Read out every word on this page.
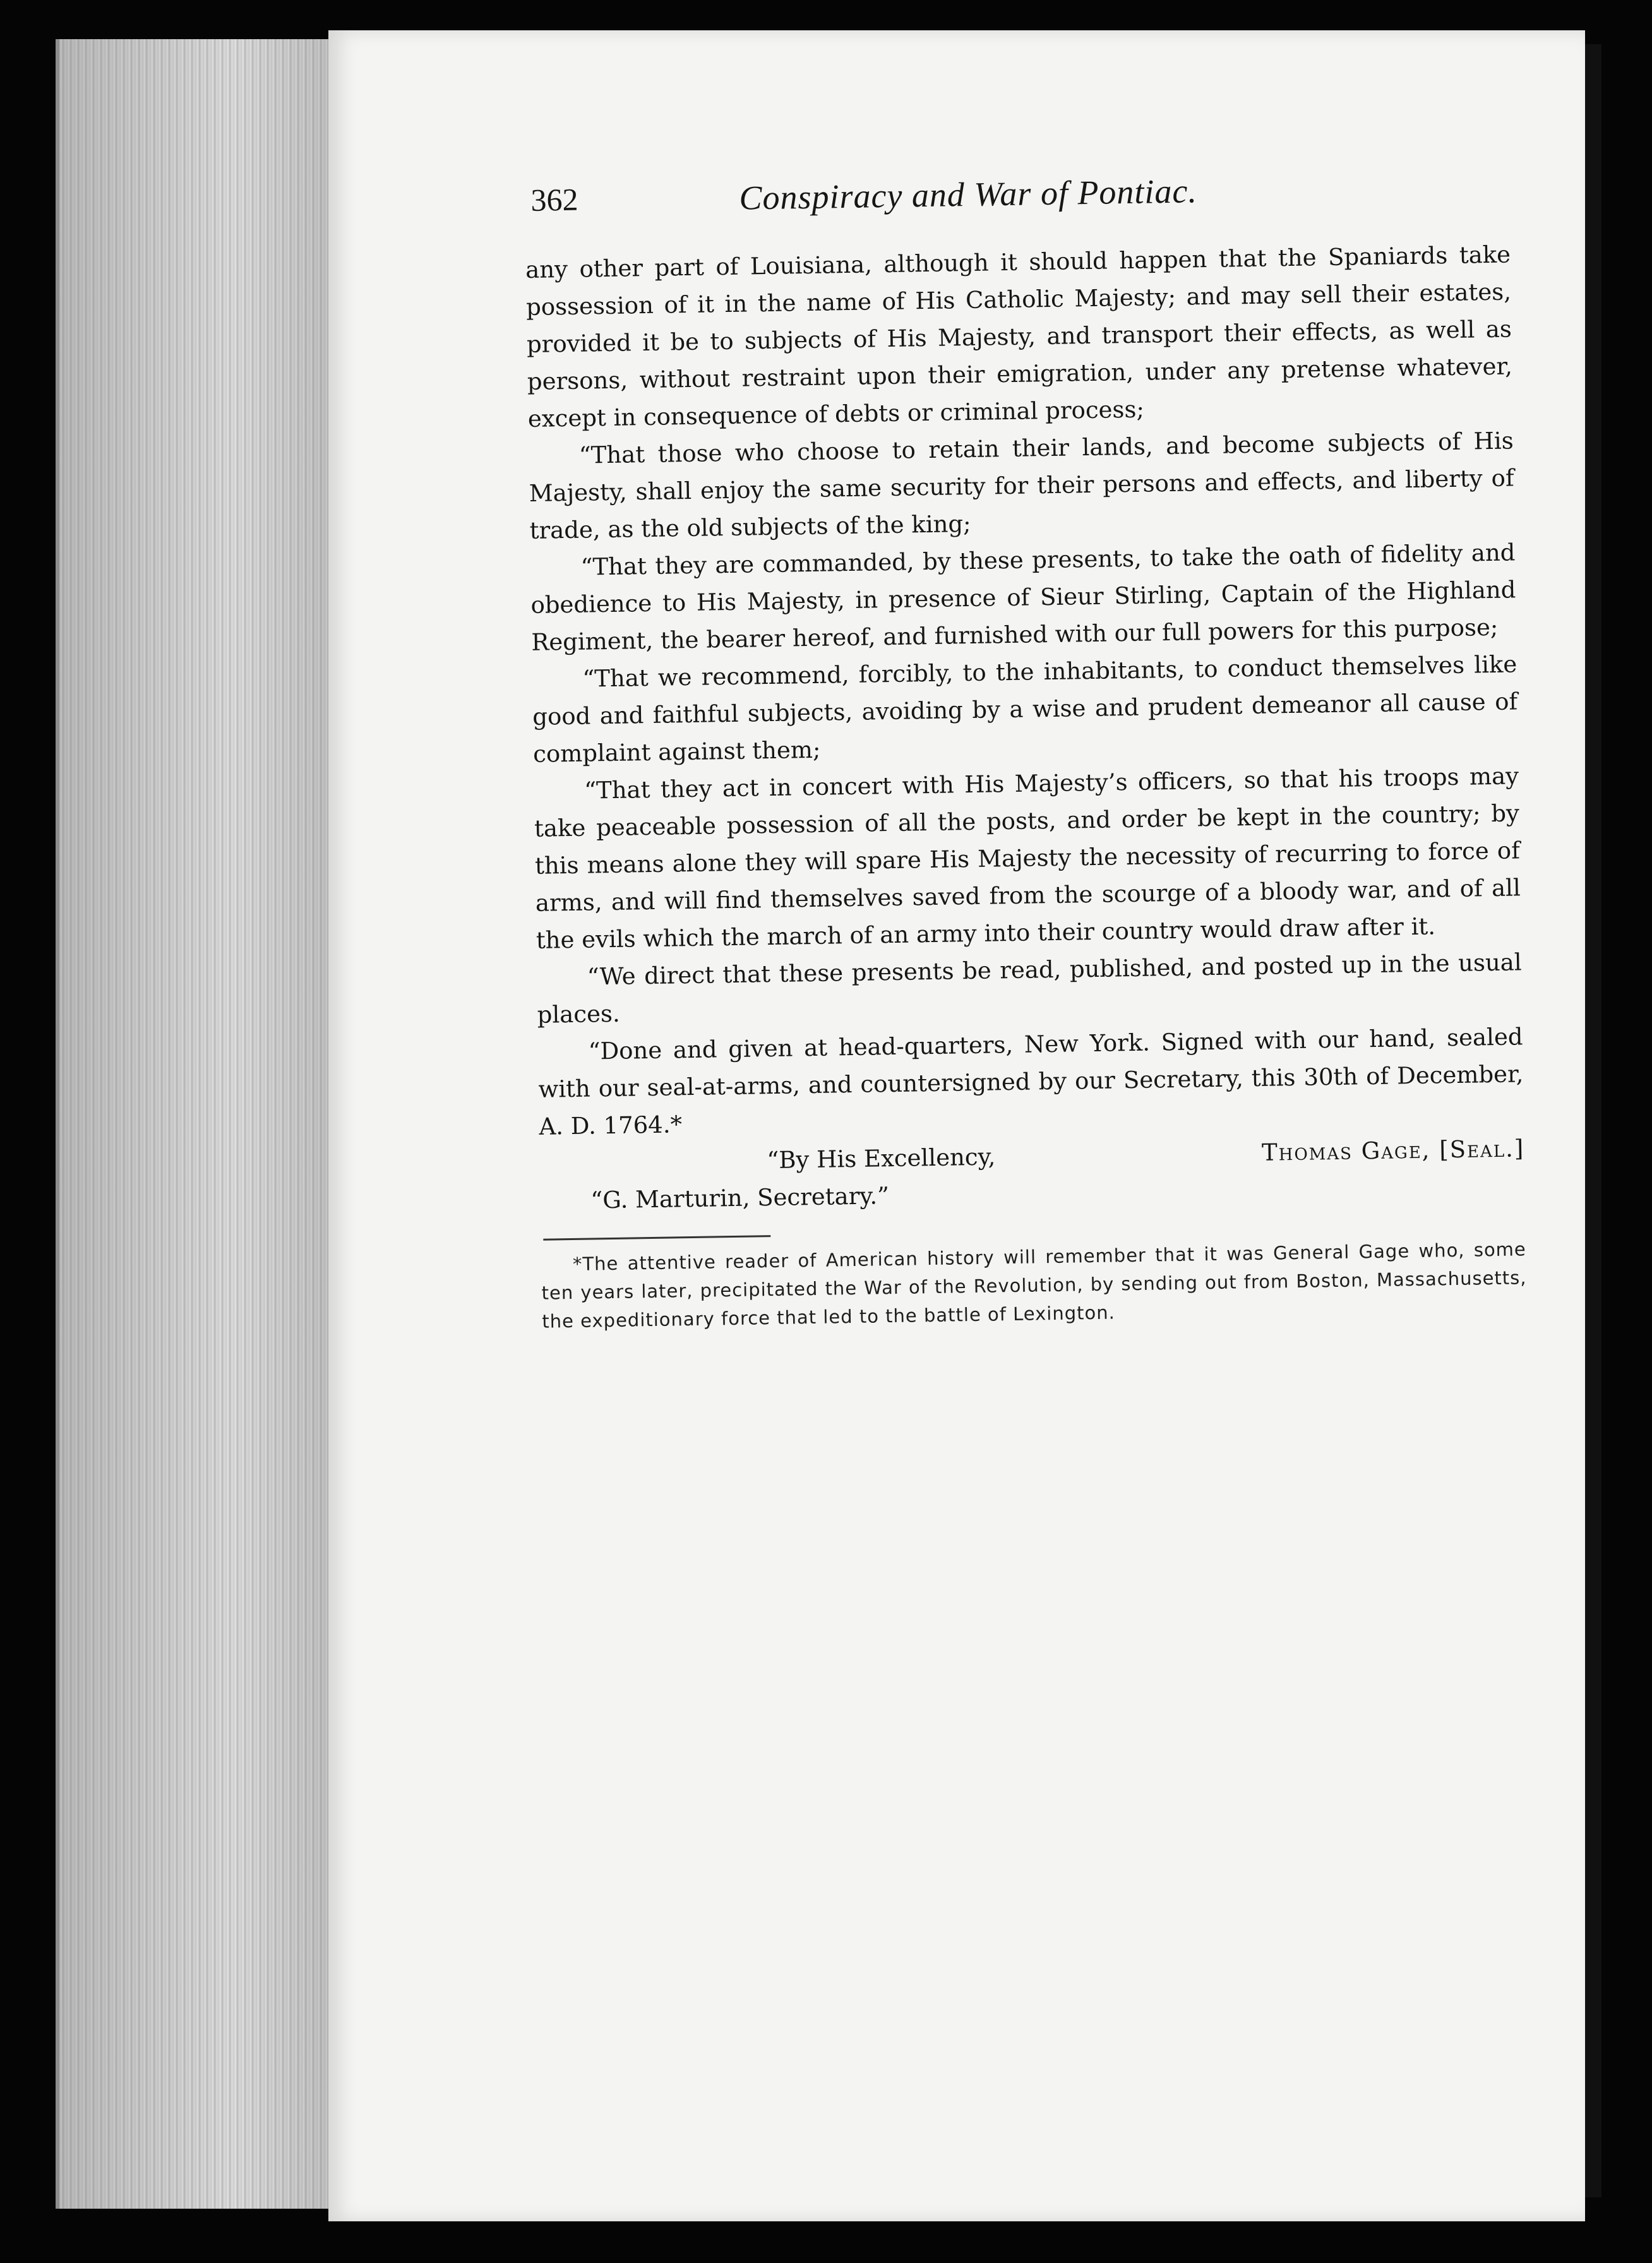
362	Conspiracy and War of Pontiac.

any other part of Louisiana, although it should happen that the Spaniards take possession of it in the name of His Catholic Majesty; and may sell their estates, provided it be to subjects of His Majesty, and transport their effects, as well as persons, without restraint upon their emigration, under any pretense whatever, except in consequence of debts or criminal process;

“That those who choose to retain their lands, and become subjects of His Majesty, shall enjoy the same security for their persons and effects, and liberty of trade, as the old subjects of the king;

“That they are commanded, by these presents, to take the oath of fidelity and obedience to His Majesty, in presence of Sieur Stirling, Captain of the Highland Regiment, the bearer hereof, and furnished with our full powers for this purpose;

“That we recommend, forcibly, to the inhabitants, to conduct themselves like good and faithful subjects, avoiding by a wise and prudent demeanor all cause of complaint against them;

“That they act in concert with His Majesty’s officers, so that his troops may take peaceable possession of all the posts, and order be kept in the country; by this means alone they will spare His Majesty the necessity of recurring to force of arms, and will find themselves saved from the scourge of a bloody war, and of all the evils which the march of an army into their country would draw after it.

“We direct that these presents be read, published, and posted up in the usual places.

“Done and given at head-quarters, New York. Signed with our hand, sealed with our seal-at-arms, and countersigned by our Secretary, this 30th of December, A. D. 1764.*

“By His Excellency,	Thomas Gage, [Seal.]
“G. Marturin, Secretary.”
*The attentive reader of American history will remember that it was General Gage who, some ten years later, precipitated the War of the Revolution, by sending out from Boston, Massachusetts, the expeditionary force that led to the battle of Lexington.
